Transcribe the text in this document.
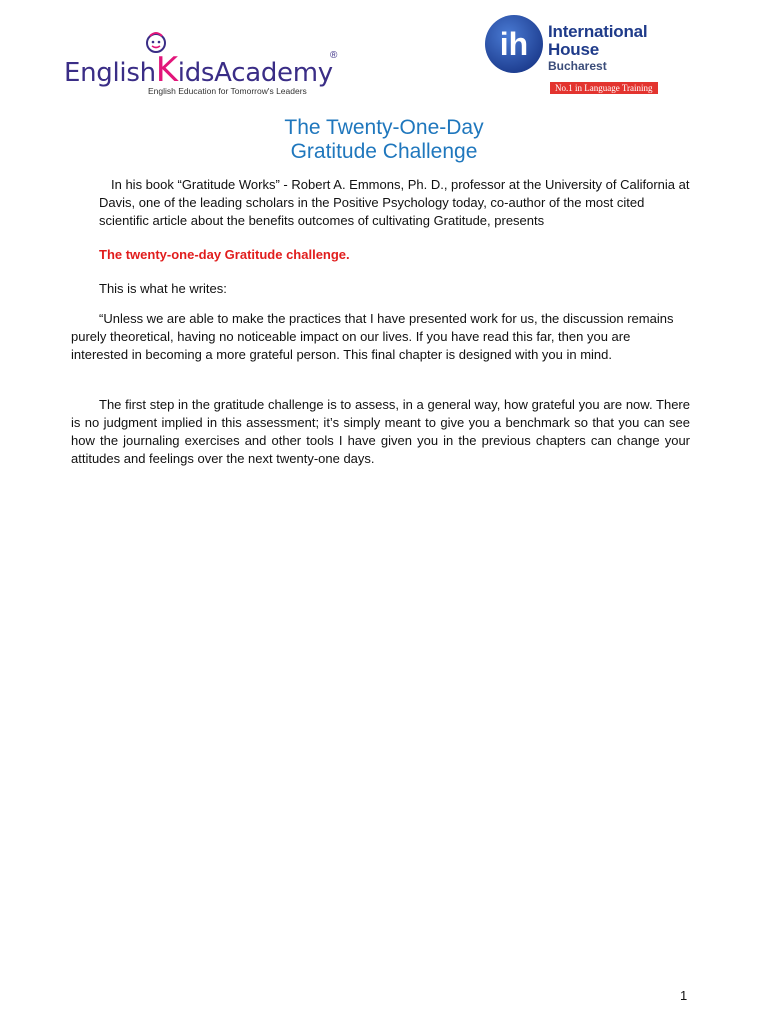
EnglishKidsAcademy
®
English Education for Tomorrow's Leaders
ih International
House
Bucharest
No.1 in Language Training
The Twenty-One-Day
Gratitude Challenge
In his book “Gratitude Works” - Robert A. Emmons, Ph. D., professor at the University of California at Davis, one of the leading scholars in the Positive Psychology today, co-author of the most cited scientific article about the benefits outcomes of cultivating Gratitude, presents
The twenty-one-day Gratitude challenge.
This is what he writes:
“Unless we are able to make the practices that I have presented work for us, the discussion remains purely theoretical, having no noticeable impact on our lives. If you have read this far, then you are interested in becoming a more grateful person. This final chapter is designed with you in mind.
The first step in the gratitude challenge is to assess, in a general way, how grateful you are now. There is no judgment implied in this assessment; it’s simply meant to give you a benchmark so that you can see how the journaling exercises and other tools I have given you in the previous chapters can change your attitudes and feelings over the next twenty-one days.
1
